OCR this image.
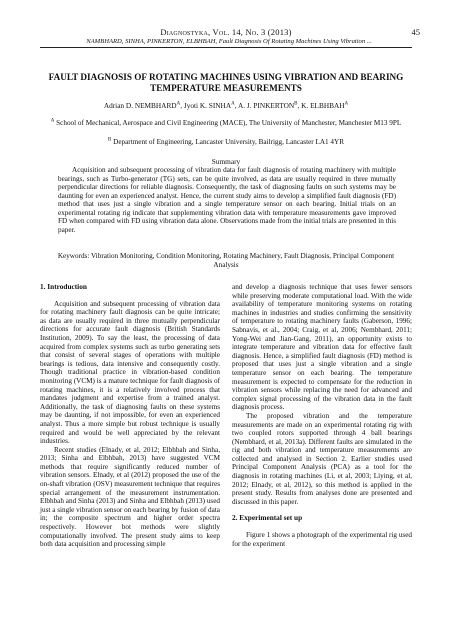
Diagnostyka, Vol. 14, No. 3 (2013)	45
NAMBHARD, SINHA, PINKERTON, ELBHBAH, Fault Diagnosis Of Rotating Machines Using Vibration ...
FAULT DIAGNOSIS OF ROTATING MACHINES USING VIBRATION AND BEARING TEMPERATURE MEASUREMENTS
Adrian D. $NEMBHARD^A$, Jyoti K. $SINHA^A$, A. J. $PINKERTON^B$, K. $ELBHBAH^A$
$^A$ School of Mechanical, Aerospace and Civil Engineering (MACE), The University of Manchester, Manchester M13 9PL
$^B$ Department of Engineering, Lancaster University, Bailrigg, Lancaster LA1 4YR
Summary

Acquisition and subsequent processing of vibration data for fault diagnosis of rotating machinery with multiple bearings, such as Turbo-generator (TG) sets, can be quite involved, as data are usually required in three mutually perpendicular directions for reliable diagnosis. Consequently, the task of diagnosing faults on such systems may be daunting for even an experienced analyst. Hence, the current study aims to develop a simplified fault diagnosis (FD) method that uses just a single vibration and a single temperature sensor on each bearing. Initial trials on an experimental rotating rig indicate that supplementing vibration data with temperature measurements gave improved FD when compared with FD using vibration data alone. Observations made from the initial trials are presented in this paper.

Keywords: Vibration Monitoring, Condition Monitoring, Rotating Machinery, Fault Diagnosis, Principal Component Analysis

1. Introduction

Acquisition and subsequent processing of vibration data for rotating machinery fault diagnosis can be quite intricate; as data are usually required in three mutually perpendicular directions for accurate fault diagnosis (British Standards Institution, 2009). To say the least, the processing of data acquired from complex systems such as turbo generating sets that consist of several stages of operations with multiple bearings is tedious, data intensive and consequently costly. Though traditional practice in vibration-based condition monitoring (VCM) is a mature technique for fault diagnosis of rotating machines, it is a relatively involved process that mandates judgment and expertise from a trained analyst. Additionally, the task of diagnosing faults on these systems may be daunting, if not impossible, for even an experienced analyst. Thus a more simple but robust technique is usually required and would be well appreciated by the relevant industries.

Recent studies (Elnady, et al, 2012; Elbhbah and Sinha, 2013; Sinha and Elbhbah, 2013) have suggested VCM methods that require significantly reduced number of vibration sensors. Elnady, et al (2012) proposed the use of the on-shaft vibration (OSV) measurement technique that requires special arrangement of the measurement instrumentation. Elbhbah and Sinha (2013) and Sinha and Elbhbah (2013) used just a single vibration sensor on each bearing by fusion of data in; the composite spectrum and higher order spectra respectively. However bot methods were slightly computationally involved. The present study aims to keep both data acquisition and processing simple

and develop a diagnosis technique that uses fewer sensors while preserving moderate computational load. With the wide availability of temperature monitoring systems on rotating machines in industries and studies confirming the sensitivity of temperature to rotating machinery faults (Gaberson, 1996; Sabnavis, et al., 2004; Craig, et al, 2006; Nembhard, 2011; Yong-Wei and Jian-Gang, 2011), an opportunity exists to integrate temperature and vibration data for effective fault diagnosis. Hence, a simplified fault diagnosis (FD) method is proposed that uses just a single vibration and a single temperature sensor on each bearing. The temperature measurement is expected to compensate for the reduction in vibration sensors while replacing the need for advanced and complex signal processing of the vibration data in the fault diagnosis process.

The proposed vibration and the temperature measurements are made on an experimental rotating rig with two coupled rotors supported through 4 ball bearings (Nembhard, et al, 2013a). Different faults are simulated in the rig and both vibration and temperature measurements are collected and analysed in Section 2. Earlier studies used Principal Component Analysis (PCA) as a tool for the diagnosis in rotating machines (Li, et al, 2003; Liying, et al, 2012; Elnady, et al, 2012), so this method is applied in the present study. Results from analyses done are presented and discussed in this paper.

2. Experimental set up

Figure 1 shows a photograph of the experimental rig used for the experiment
